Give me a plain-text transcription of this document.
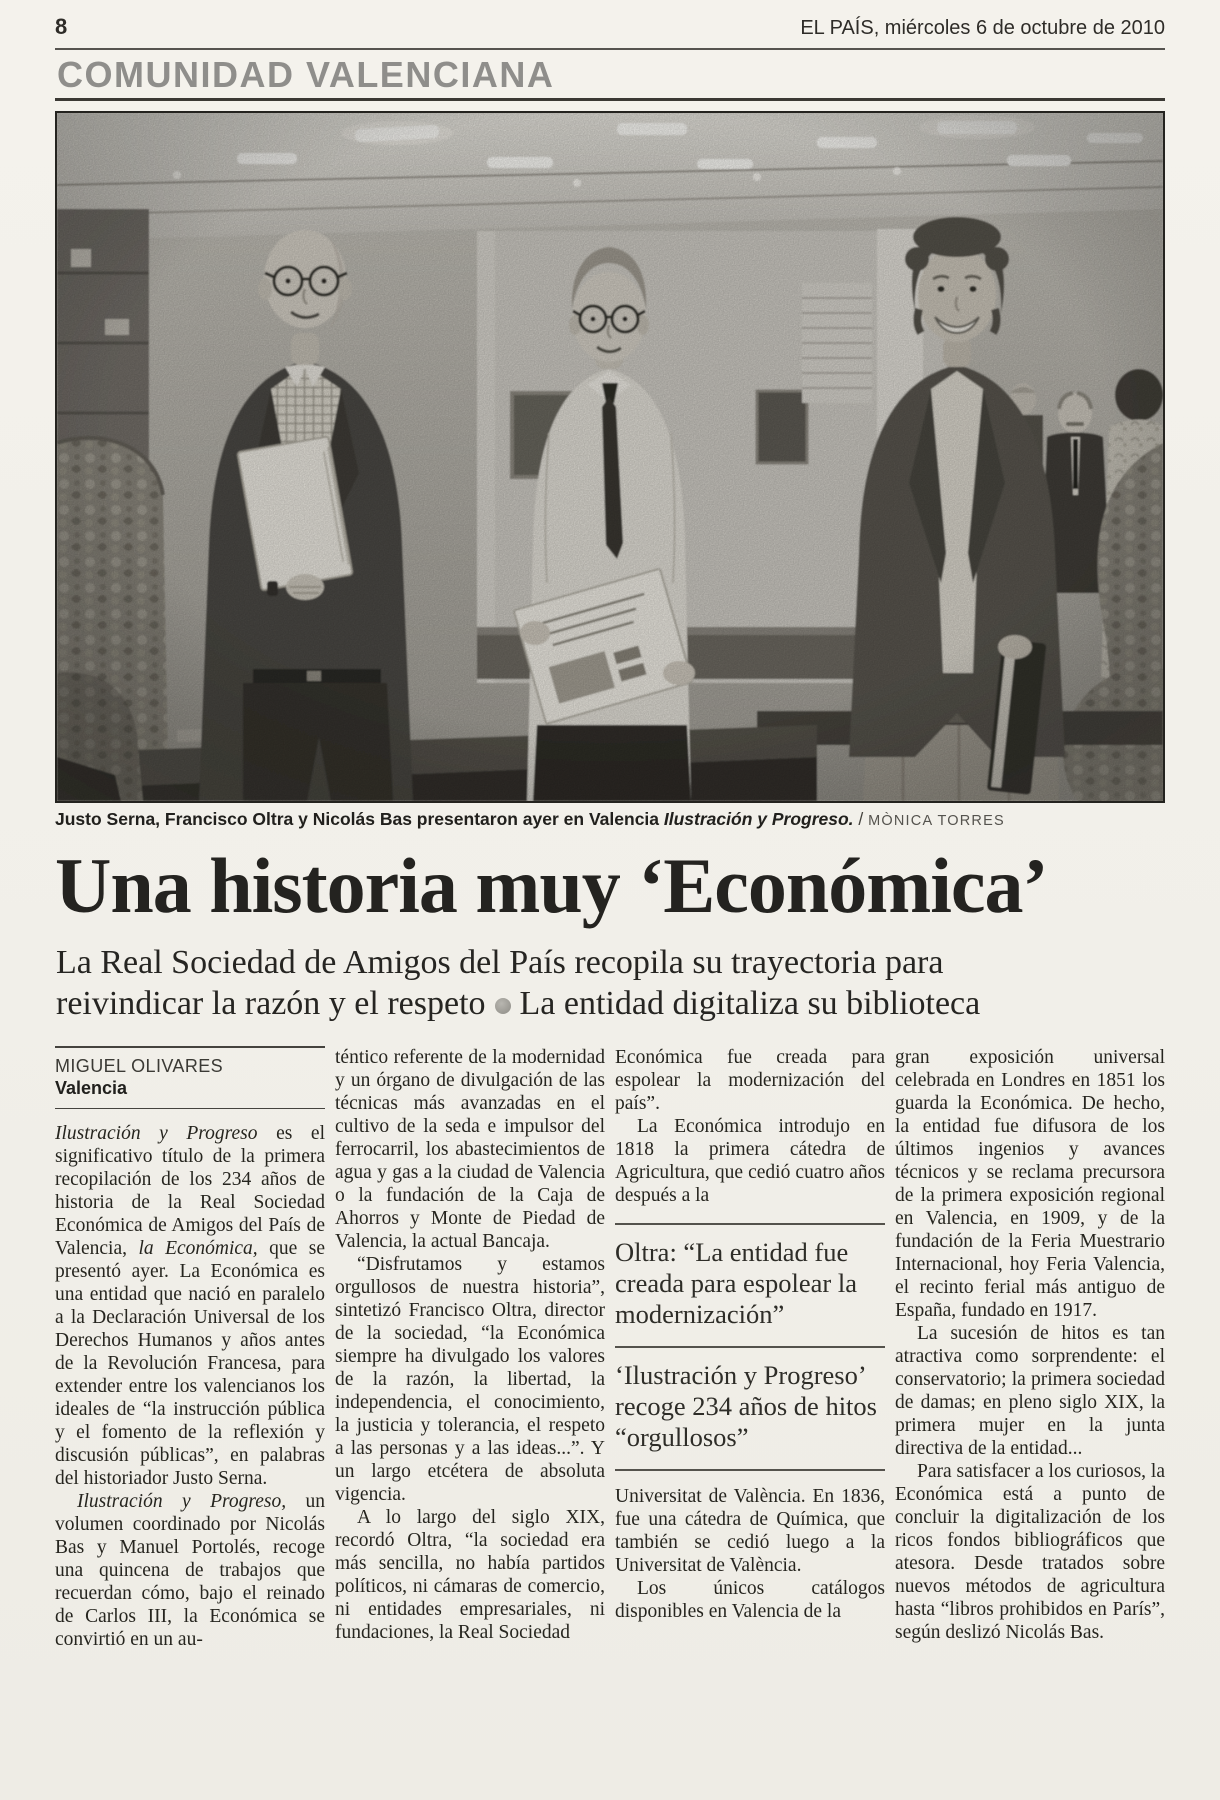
8	EL PAÍS, miércoles 6 de octubre de 2010
COMUNIDAD VALENCIANA

Justo Serna, Francisco Oltra y Nicolás Bas presentaron ayer en Valencia Ilustración y Progreso. / MÒNICA TORRES

Una historia muy ‘Económica’
La Real Sociedad de Amigos del País recopila su trayectoria para
reivindicar la razón y el respeto La entidad digitaliza su biblioteca
MIGUEL OLIVARES
Valencia

Ilustración y Progreso es el significativo título de la primera recopilación de los 234 años de historia de la Real Sociedad Económica de Amigos del País de Valencia, la Económica, que se presentó ayer. La Económica es una entidad que nació en paralelo a la Declaración Universal de los Derechos Humanos y años antes de la Revolución Francesa, para extender entre los valencianos los ideales de “la instrucción pública y el fomento de la reflexión y discusión públicas”, en palabras del historiador Justo Serna.

Ilustración y Progreso, un volumen coordinado por Nicolás Bas y Manuel Portolés, recoge una quincena de trabajos que recuerdan cómo, bajo el reinado de Carlos III, la Económica se convirtió en un au-

téntico referente de la modernidad y un órgano de divulgación de las técnicas más avanzadas en el cultivo de la seda e impulsor del ferrocarril, los abastecimientos de agua y gas a la ciudad de Valencia o la fundación de la Caja de Ahorros y Monte de Piedad de Valencia, la actual Bancaja.

“Disfrutamos y estamos orgullosos de nuestra historia”, sintetizó Francisco Oltra, director de la sociedad, “la Económica siempre ha divulgado los valores de la razón, la libertad, la independencia, el conocimiento, la justicia y tolerancia, el respeto a las personas y a las ideas...”. Y un largo etcétera de absoluta vigencia.

A lo largo del siglo XIX, recordó Oltra, “la sociedad era más sencilla, no había partidos políticos, ni cámaras de comercio, ni entidades empresariales, ni fundaciones, la Real Sociedad

Económica fue creada para espolear la modernización del país”.

La Económica introdujo en 1818 la primera cátedra de Agricultura, que cedió cuatro años después a la

Oltra: “La entidad fue creada para espolear la modernización”
‘Ilustración y Progreso’ recoge 234 años de hitos “orgullosos”

Universitat de València. En 1836, fue una cátedra de Química, que también se cedió luego a la Universitat de València.

Los únicos catálogos disponibles en Valencia de la

gran exposición universal celebrada en Londres en 1851 los guarda la Económica. De hecho, la entidad fue difusora de los últimos ingenios y avances técnicos y se reclama precursora de la primera exposición regional en Valencia, en 1909, y de la fundación de la Feria Muestrario Internacional, hoy Feria Valencia, el recinto ferial más antiguo de España, fundado en 1917.

La sucesión de hitos es tan atractiva como sorprendente: el conservatorio; la primera sociedad de damas; en pleno siglo XIX, la primera mujer en la junta directiva de la entidad...

Para satisfacer a los curiosos, la Económica está a punto de concluir la digitalización de los ricos fondos bibliográficos que atesora. Desde tratados sobre nuevos métodos de agricultura hasta “libros prohibidos en París”, según deslizó Nicolás Bas.
